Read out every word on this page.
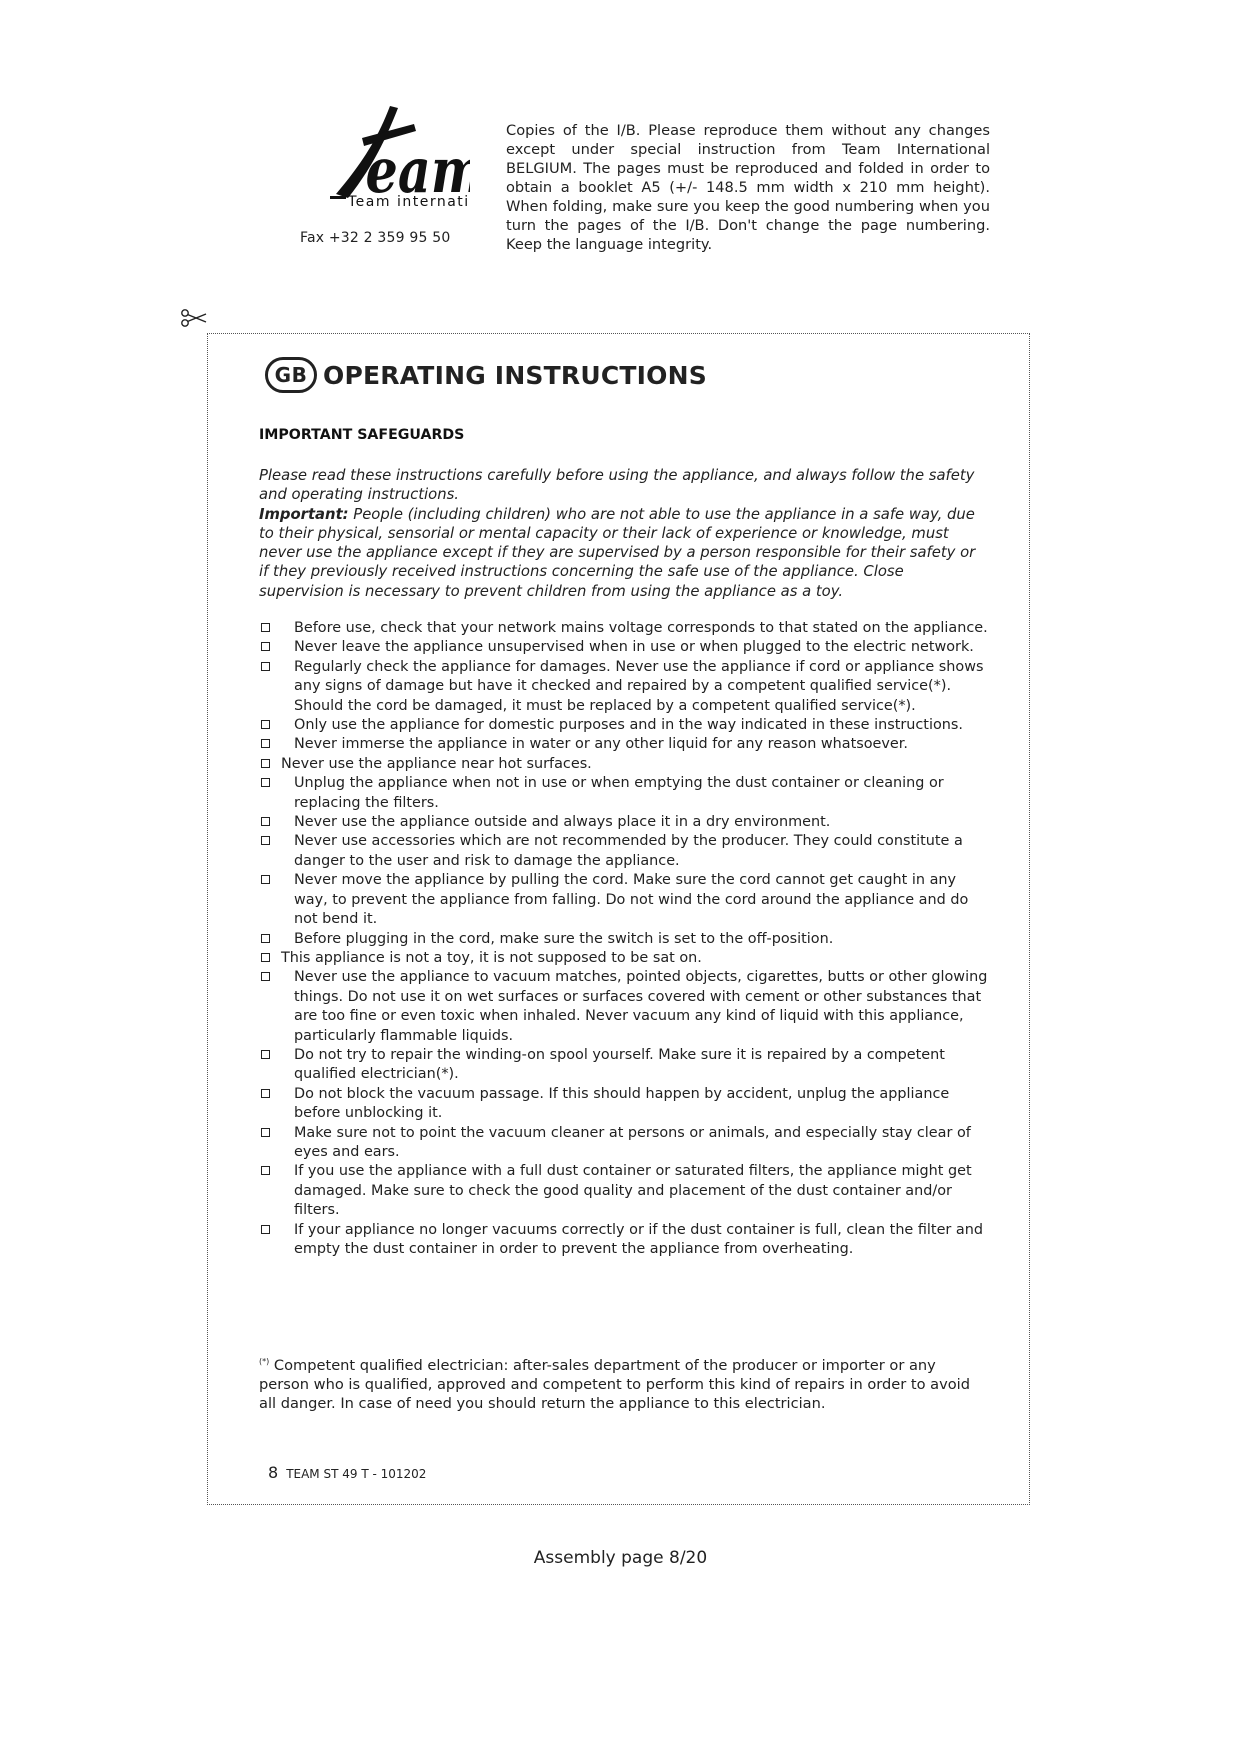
ea
Team internati
Fax +32 2 359 95 50
Copies of the I/B. Please reproduce them without any changes except under special instruction from Team International BELGIUM. The pages must be reproduced and folded in order to obtain a booklet A5 (+/- 148.5 mm width x 210 mm height). When folding, make sure you keep the good numbering when you turn the pages of the I/B. Don't change the page numbering. Keep the language integrity.
GB OPERATING INSTRUCTIONS
IMPORTANT SAFEGUARDS

Please read these instructions carefully before using the appliance, and always follow the safety and operating instructions.

Important: People (including children) who are not able to use the appliance in a safe way, due to their physical, sensorial or mental capacity or their lack of experience or knowledge, must never use the appliance except if they are supervised by a person responsible for their safety or if they previously received instructions concerning the safe use of the appliance. Close supervision is necessary to prevent children from using the appliance as a toy.

Before use, check that your network mains voltage corresponds to that stated on the appliance.
Never leave the appliance unsupervised when in use or when plugged to the electric network.
Regularly check the appliance for damages. Never use the appliance if cord or appliance shows any signs of damage but have it checked and repaired by a competent qualified service(*). Should the cord be damaged, it must be replaced by a competent qualified service(*).
Only use the appliance for domestic purposes and in the way indicated in these instructions.
Never immerse the appliance in water or any other liquid for any reason whatsoever.
Never use the appliance near hot surfaces.
Unplug the appliance when not in use or when emptying the dust container or cleaning or replacing the filters.
Never use the appliance outside and always place it in a dry environment.
Never use accessories which are not recommended by the producer. They could constitute a danger to the user and risk to damage the appliance.
Never move the appliance by pulling the cord. Make sure the cord cannot get caught in any way, to prevent the appliance from falling. Do not wind the cord around the appliance and do not bend it.
Before plugging in the cord, make sure the switch is set to the off-position.
This appliance is not a toy, it is not supposed to be sat on.
Never use the appliance to vacuum matches, pointed objects, cigarettes, butts or other glowing things. Do not use it on wet surfaces or surfaces covered with cement or other substances that are too fine or even toxic when inhaled. Never vacuum any kind of liquid with this appliance, particularly flammable liquids.
Do not try to repair the winding-on spool yourself. Make sure it is repaired by a competent qualified electrician(*).
Do not block the vacuum passage. If this should happen by accident, unplug the appliance before unblocking it.
Make sure not to point the vacuum cleaner at persons or animals, and especially stay clear of eyes and ears.
If you use the appliance with a full dust container or saturated filters, the appliance might get damaged. Make sure to check the good quality and placement of the dust container and/or filters.
If your appliance no longer vacuums correctly or if the dust container is full, clean the filter and empty the dust container in order to prevent the appliance from overheating.
(*) Competent qualified electrician: after-sales department of the producer or importer or any person who is qualified, approved and competent to perform this kind of repairs in order to avoid all danger. In case of need you should return the appliance to this electrician.
8 TEAM ST 49 T - 101202
Assembly page 8/20
